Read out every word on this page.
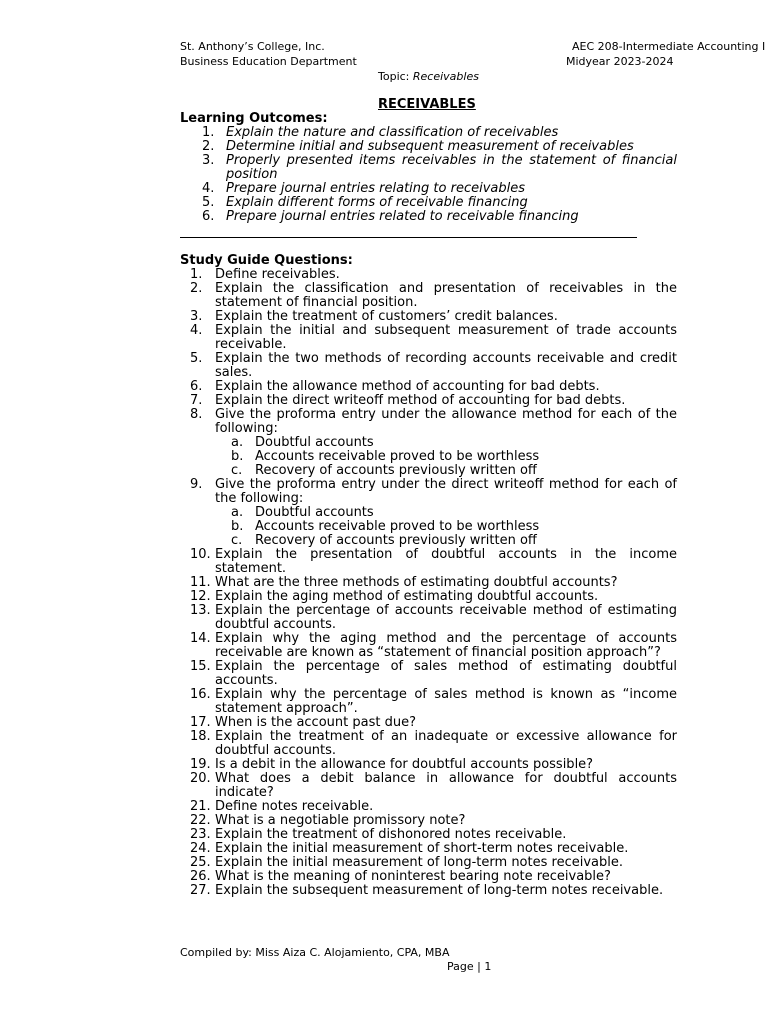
St. Anthony’s College, Inc.	AEC 208-Intermediate Accounting I
Business Education Department	Midyear 2023-2024
Topic: Receivables
RECEIVABLES
Learning Outcomes:
1. Explain the nature and classification of receivables
2. Determine initial and subsequent measurement of receivables
3. Properly presented items receivables in the statement of financial position
4. Prepare journal entries relating to receivables
5. Explain different forms of receivable financing
6. Prepare journal entries related to receivable financing
Study Guide Questions:
1. Define receivables.
2. Explain the classification and presentation of receivables in the statement of financial position.
3. Explain the treatment of customers’ credit balances.
4. Explain the initial and subsequent measurement of trade accounts receivable.
5. Explain the two methods of recording accounts receivable and credit sales.
6. Explain the allowance method of accounting for bad debts.
7. Explain the direct writeoff method of accounting for bad debts.
8. Give the proforma entry under the allowance method for each of the following:
a. Doubtful accounts
b. Accounts receivable proved to be worthless
c. Recovery of accounts previously written off
9. Give the proforma entry under the direct writeoff method for each of the following:
a. Doubtful accounts
b. Accounts receivable proved to be worthless
c. Recovery of accounts previously written off
10. Explain the presentation of doubtful accounts in the income statement.
11. What are the three methods of estimating doubtful accounts?
12. Explain the aging method of estimating doubtful accounts.
13. Explain the percentage of accounts receivable method of estimating doubtful accounts.
14. Explain why the aging method and the percentage of accounts receivable are known as “statement of financial position approach”?
15. Explain the percentage of sales method of estimating doubtful accounts.
16. Explain why the percentage of sales method is known as “income statement approach”.
17. When is the account past due?
18. Explain the treatment of an inadequate or excessive allowance for doubtful accounts.
19. Is a debit in the allowance for doubtful accounts possible?
20. What does a debit balance in allowance for doubtful accounts indicate?
21. Define notes receivable.
22. What is a negotiable promissory note?
23. Explain the treatment of dishonored notes receivable.
24. Explain the initial measurement of short-term notes receivable.
25. Explain the initial measurement of long-term notes receivable.
26. What is the meaning of noninterest bearing note receivable?
27. Explain the subsequent measurement of long-term notes receivable.
Compiled by: Miss Aiza C. Alojamiento, CPA, MBA
Page | 1
